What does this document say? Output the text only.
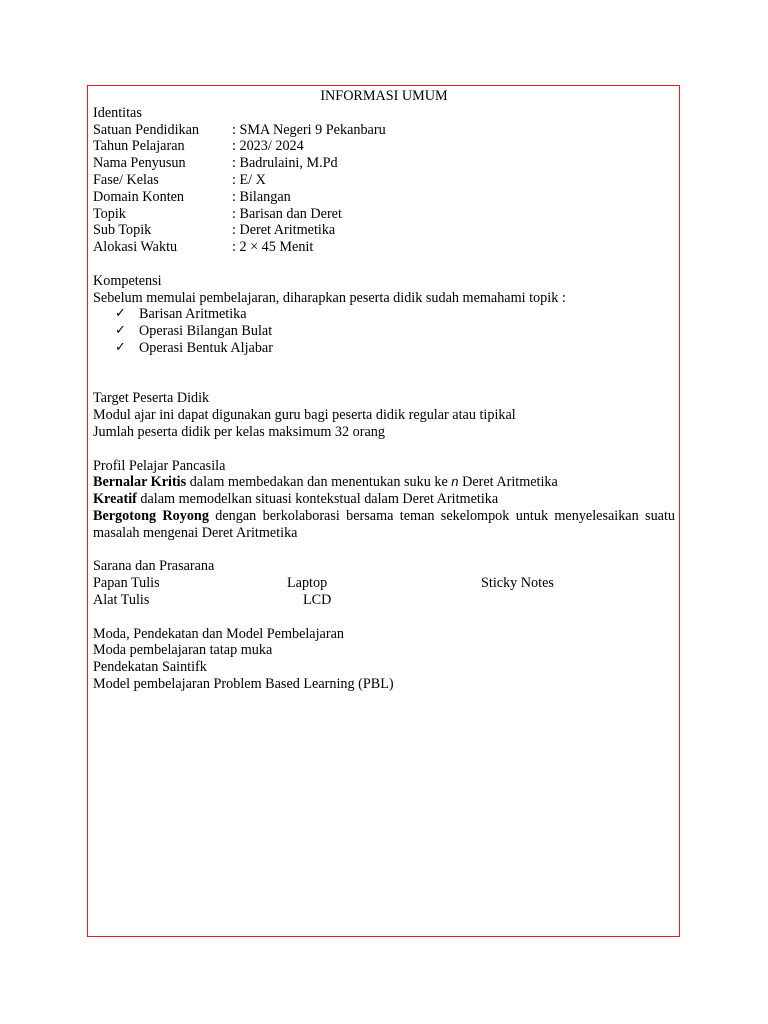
INFORMASI UMUM
Identitas
Satuan Pendidikan	: SMA Negeri 9 Pekanbaru
Tahun Pelajaran	: 2023/ 2024
Nama Penyusun	: Badrulaini, M.Pd
Fase/ Kelas	: E/ X
Domain Konten	: Bilangan
Topik	: Barisan dan Deret
Sub Topik	: Deret Aritmetika
Alokasi Waktu	: 2 × 45 Menit
Kompetensi
Sebelum memulai pembelajaran, diharapkan peserta didik sudah memahami topik :
✓ Barisan Aritmetika
✓ Operasi Bilangan Bulat
✓ Operasi Bentuk Aljabar
Target Peserta Didik
Modul ajar ini dapat digunakan guru bagi peserta didik regular atau tipikal
Jumlah peserta didik per kelas maksimum 32 orang
Profil Pelajar Pancasila
Bernalar Kritis dalam membedakan dan menentukan suku ke n Deret Aritmetika
Kreatif dalam memodelkan situasi kontekstual dalam Deret Aritmetika
Bergotong Royong dengan berkolaborasi bersama teman sekelompok untuk menyelesaikan suatu masalah mengenai Deret Aritmetika
Sarana dan Prasarana
Papan Tulis	Laptop	Sticky Notes
Alat Tulis	LCD
Moda, Pendekatan dan Model Pembelajaran
Moda pembelajaran tatap muka
Pendekatan Saintifk
Model pembelajaran Problem Based Learning (PBL)
